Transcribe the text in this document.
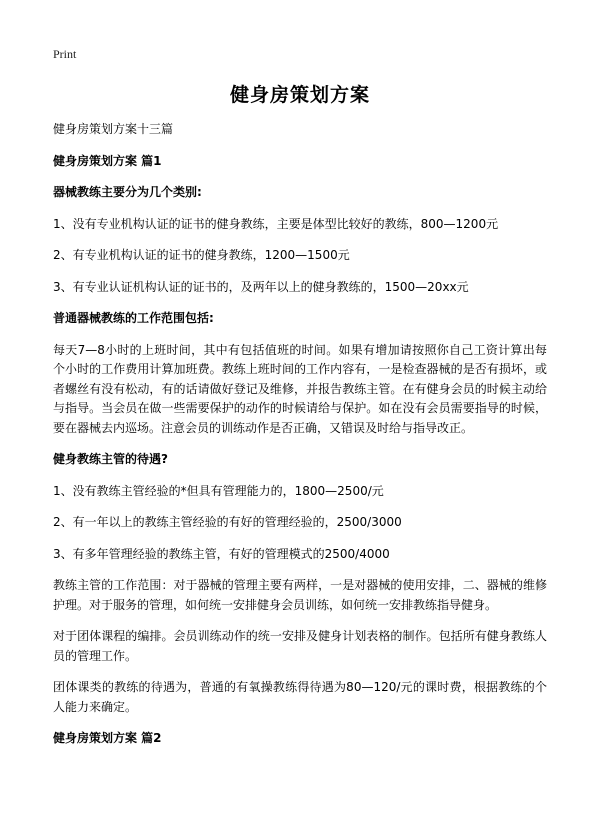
Print
健身房策划方案

健身房策划方案十三篇

健身房策划方案 篇1

器械教练主要分为几个类别:

1、没有专业机构认证的证书的健身教练，主要是体型比较好的教练，800—1200元

2、有专业机构认证的证书的健身教练，1200—1500元

3、有专业认证机构认证的证书的，及两年以上的健身教练的，1500—20xx元

普通器械教练的工作范围包括:

每天7—8小时的上班时间，其中有包括值班的时间。如果有增加请按照你自己工资计算出每个小时的工作费用计算加班费。教练上班时间的工作内容有，一是检查器械的是否有损坏，或者螺丝有没有松动，有的话请做好登记及维修，并报告教练主管。在有健身会员的时候主动给与指导。当会员在做一些需要保护的动作的时候请给与保护。如在没有会员需要指导的时候，要在器械去内巡场。注意会员的训练动作是否正确，又错误及时给与指导改正。

健身教练主管的待遇?

1、没有教练主管经验的*但具有管理能力的，1800—2500/元

2、有一年以上的教练主管经验的有好的管理经验的，2500/3000

3、有多年管理经验的教练主管，有好的管理模式的2500/4000

教练主管的工作范围：对于器械的管理主要有两样，一是对器械的使用安排，二、器械的维修护理。对于服务的管理，如何统一安排健身会员训练，如何统一安排教练指导健身。

对于团体课程的编排。会员训练动作的统一安排及健身计划表格的制作。包括所有健身教练人员的管理工作。

团体课类的教练的待遇为，普通的有氧操教练得待遇为80—120/元的课时费，根据教练的个人能力来确定。

健身房策划方案 篇2
